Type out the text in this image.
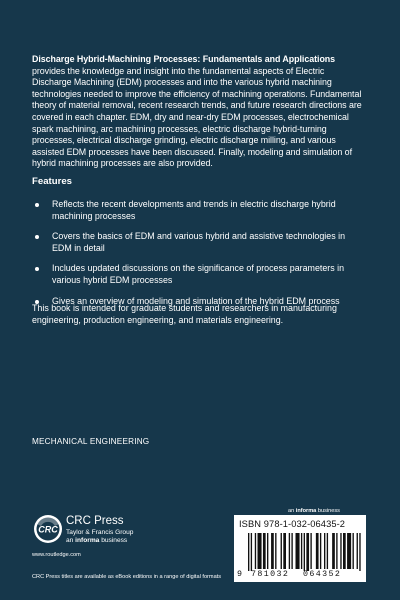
Discharge Hybrid-Machining Processes: Fundamentals and Applications provides the knowledge and insight into the fundamental aspects of Electric Discharge Machining (EDM) processes and into the various hybrid machining technologies needed to improve the efficiency of machining operations. Fundamental theory of material removal, recent research trends, and future research directions are covered in each chapter. EDM, dry and near-dry EDM processes, electrochemical spark machining, arc machining processes, electric discharge hybrid-turning processes, electrical discharge grinding, electric discharge milling, and various assisted EDM processes have been discussed. Finally, modeling and simulation of hybrid machining processes are also provided.

Features

Reflects the recent developments and trends in electric discharge hybrid machining processes
Covers the basics of EDM and various hybrid and assistive technologies in EDM in detail
Includes updated discussions on the significance of process parameters in various hybrid EDM processes
Gives an overview of modeling and simulation of the hybrid EDM process

This book is intended for graduate students and researchers in manufacturing engineering, production engineering, and materials engineering.

MECHANICAL ENGINEERING

CRC

CRC Press

Taylor & Francis Group

an informa business

www.routledge.com

an informa business

ISBN 978-1-032-06435-2

9 781032 064352

CRC Press titles are available as eBook editions in a range of digital formats
